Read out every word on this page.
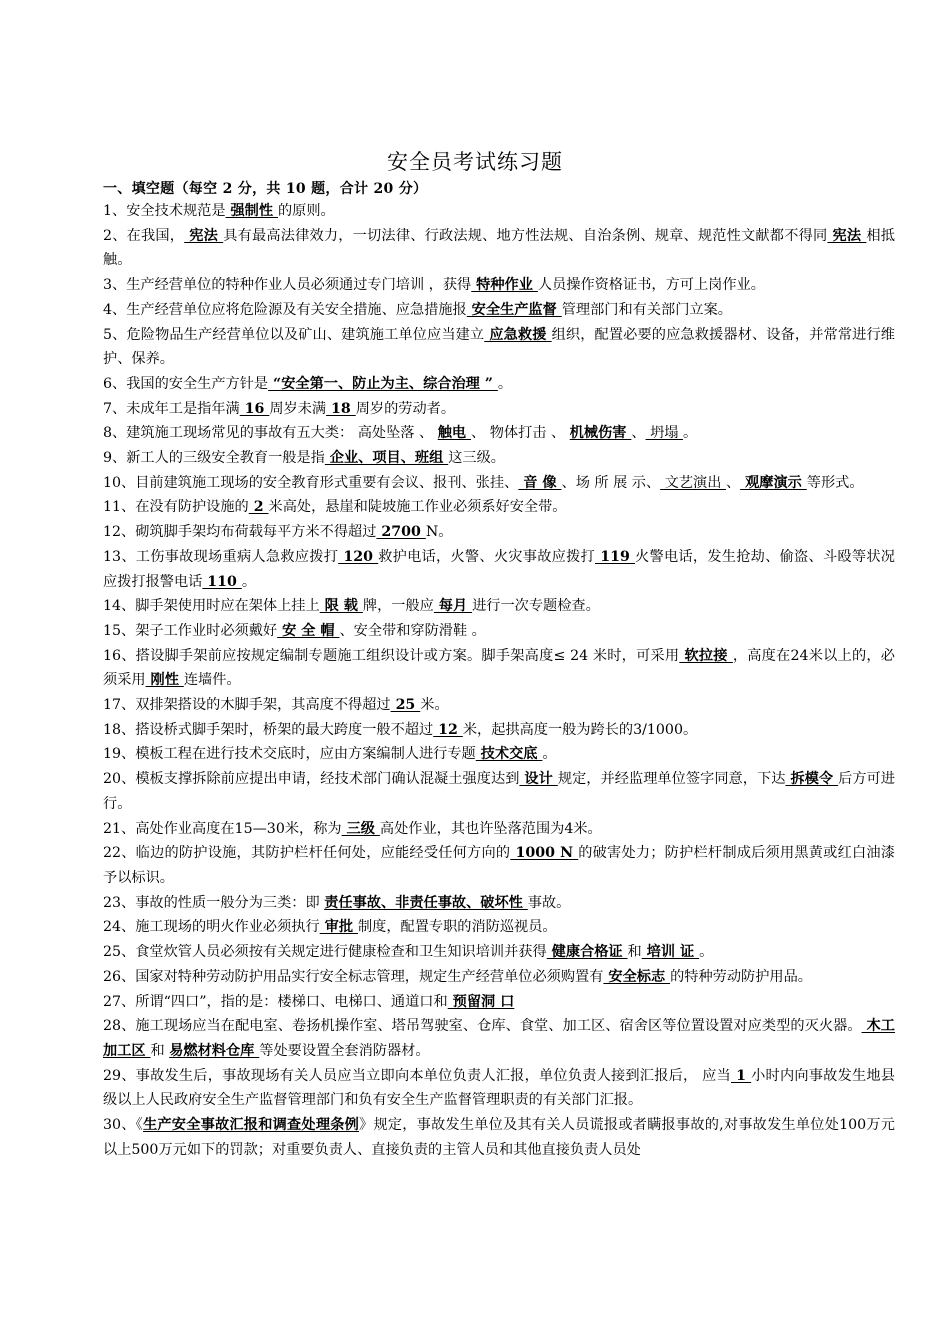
安全员考试练习题
一、填空题（每空 2 分，共 10 题，合计 20 分）

1、安全技术规范是 强制性 的原则。

2、在我国， 宪法 具有最高法律效力，一切法律、行政法规、地方性法规、自治条例、规章、规范性文献都不得同 宪法 相抵触。

3、生产经营单位的特种作业人员必须通过专门培训 ，获得 特种作业 人员操作资格证书，方可上岗作业。

4、生产经营单位应将危险源及有关安全措施、应急措施报 安全生产监督 管理部门和有关部门立案。

5、危险物品生产经营单位以及矿山、建筑施工单位应当建立 应急救援 组织，配置必要的应急救援器材、设备，并常常进行维护、保养。

6、我国的安全生产方针是 “安全第一、防止为主、综合治理 ” 。

7、未成年工是指年满 16 周岁未满 18 周岁的劳动者。

8、建筑施工现场常见的事故有五大类： 高处坠落 、 触电 、 物体打击 、 机械伤害 、 坍塌 。

9、新工人的三级安全教育一般是指 企业、项目、班组 这三级。

10、目前建筑施工现场的安全教育形式重要有会议、报刊、张挂、 音 像 、场 所 展 示、 文艺演出 、 观摩演示 等形式。

11、在没有防护设施的 2 米高处，悬崖和陡坡施工作业必须系好安全带。

12、砌筑脚手架均布荷载每平方米不得超过 2700 N。

13、工伤事故现场重病人急救应拨打 120 救护电话，火警、火灾事故应拨打 119 火警电话，发生抢劫、偷盗、斗殴等状况应拨打报警电话 110 。

14、脚手架使用时应在架体上挂上 限 载 牌，一般应 每月 进行一次专题检查。

15、架子工作业时必须戴好 安 全 帽 、安全带和穿防滑鞋 。

16、搭设脚手架前应按规定编制专题施工组织设计或方案。脚手架高度≤ 24 米时，可采用 软拉接 ，高度在24米以上的，必须采用 刚性 连墙件。

17、双排架搭设的木脚手架，其高度不得超过 25 米。

18、搭设桥式脚手架时，桥架的最大跨度一般不超过 12 米，起拱高度一般为跨长的3/1000。

19、模板工程在进行技术交底时，应由方案编制人进行专题 技术交底 。

20、模板支撑拆除前应提出申请，经技术部门确认混凝土强度达到 设计 规定，并经监理单位签字同意，下达 拆模令 后方可进行。

21、高处作业高度在15—30米，称为 三级 高处作业，其也许坠落范围为4米。

22、临边的防护设施，其防护栏杆任何处，应能经受任何方向的 1000 N 的破害处力；防护栏杆制成后须用黑黄或红白油漆予以标识。

23、事故的性质一般分为三类：即 责任事故、非责任事故、破坏性 事故。

24、施工现场的明火作业必须执行 审批 制度，配置专职的消防巡视员。

25、食堂炊管人员必须按有关规定进行健康检查和卫生知识培训并获得 健康合格证 和 培训 证 。

26、国家对特种劳动防护用品实行安全标志管理，规定生产经营单位必须购置有 安全标志 的特种劳动防护用品。

27、所谓“四口”，指的是：楼梯口、电梯口、通道口和 预留洞 口

28、施工现场应当在配电室、卷扬机操作室、塔吊驾驶室、仓库、食堂、加工区、宿舍区等位置设置对应类型的灭火器。 木工加工区 和 易燃材料仓库 等处要设置全套消防器材。

29、事故发生后，事故现场有关人员应当立即向本单位负责人汇报，单位负责人接到汇报后， 应当 1 小时内向事故发生地县级以上人民政府安全生产监督管理部门和负有安全生产监督管理职责的有关部门汇报。

30、《生产安全事故汇报和调查处理条例》规定，事故发生单位及其有关人员谎报或者瞒报事故的,对事故发生单位处100万元以上500万元如下的罚款；对重要负责人、直接负责的主管人员和其他直接负责人员处
